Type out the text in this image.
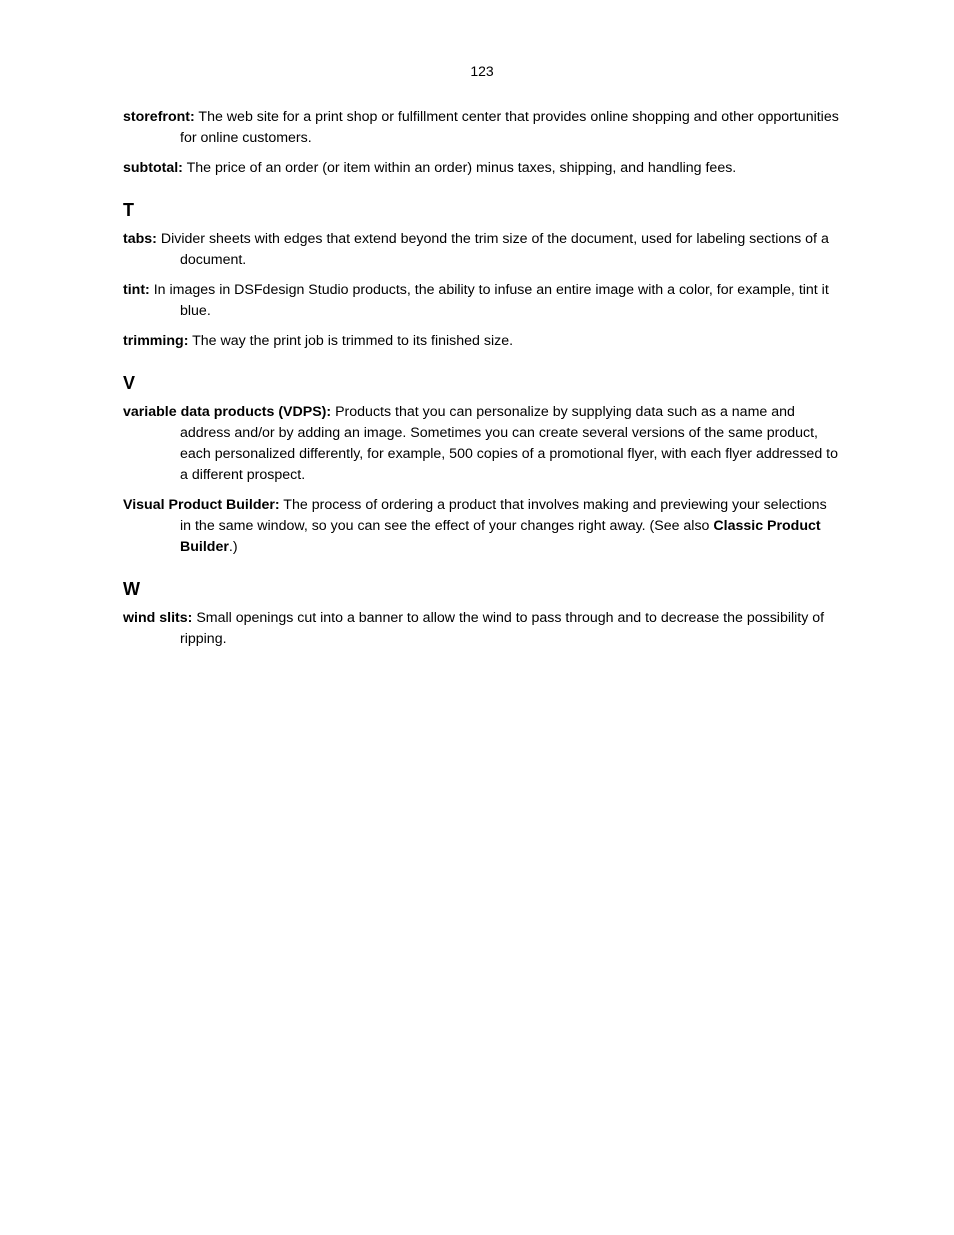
123

storefront: The web site for a print shop or fulfillment center that provides online shopping and other opportunities for online customers.

subtotal: The price of an order (or item within an order) minus taxes, shipping, and handling fees.

T

tabs: Divider sheets with edges that extend beyond the trim size of the document, used for labeling sections of a document.

tint: In images in DSFdesign Studio products, the ability to infuse an entire image with a color, for example, tint it blue.

trimming: The way the print job is trimmed to its finished size.

V

variable data products (VDPS): Products that you can personalize by supplying data such as a name and address and/or by adding an image. Sometimes you can create several versions of the same product, each personalized differently, for example, 500 copies of a promotional flyer, with each flyer addressed to a different prospect.

Visual Product Builder: The process of ordering a product that involves making and previewing your selections in the same window, so you can see the effect of your changes right away. (See also Classic Product Builder.)

W

wind slits: Small openings cut into a banner to allow the wind to pass through and to decrease the possibility of ripping.
